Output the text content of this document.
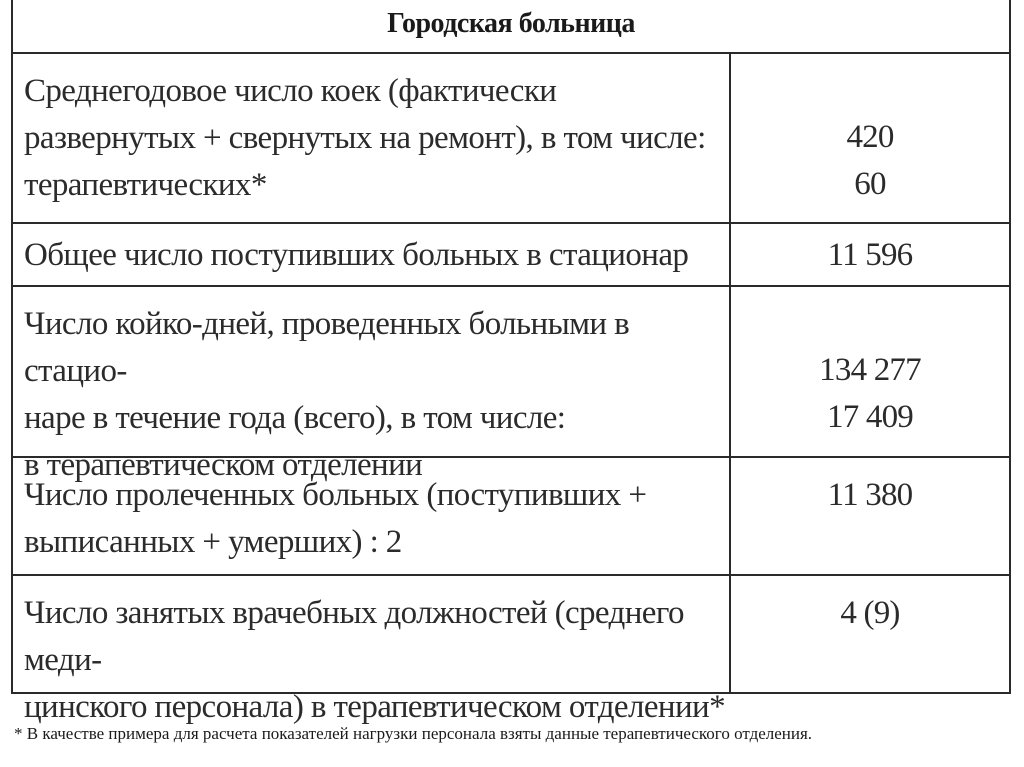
Городская больница
Среднегодовое число коек (фактически
развернутых + свернутых на ремонт), в том числе:
терапевтических*
420
60
Общее число поступивших больных в стационар	11 596
Число койко-дней, проведенных больными в стацио-
наре в течение года (всего), в том числе:
в терапевтическом отделении
134 277
17 409
Число пролеченных больных (поступивших +
выписанных + умерших) : 2
11 380
Число занятых врачебных должностей (среднего меди-
цинского персонала) в терапевтическом отделении*
4 (9)
* В качестве примера для расчета показателей нагрузки персонала взяты данные терапевтического отделения.
